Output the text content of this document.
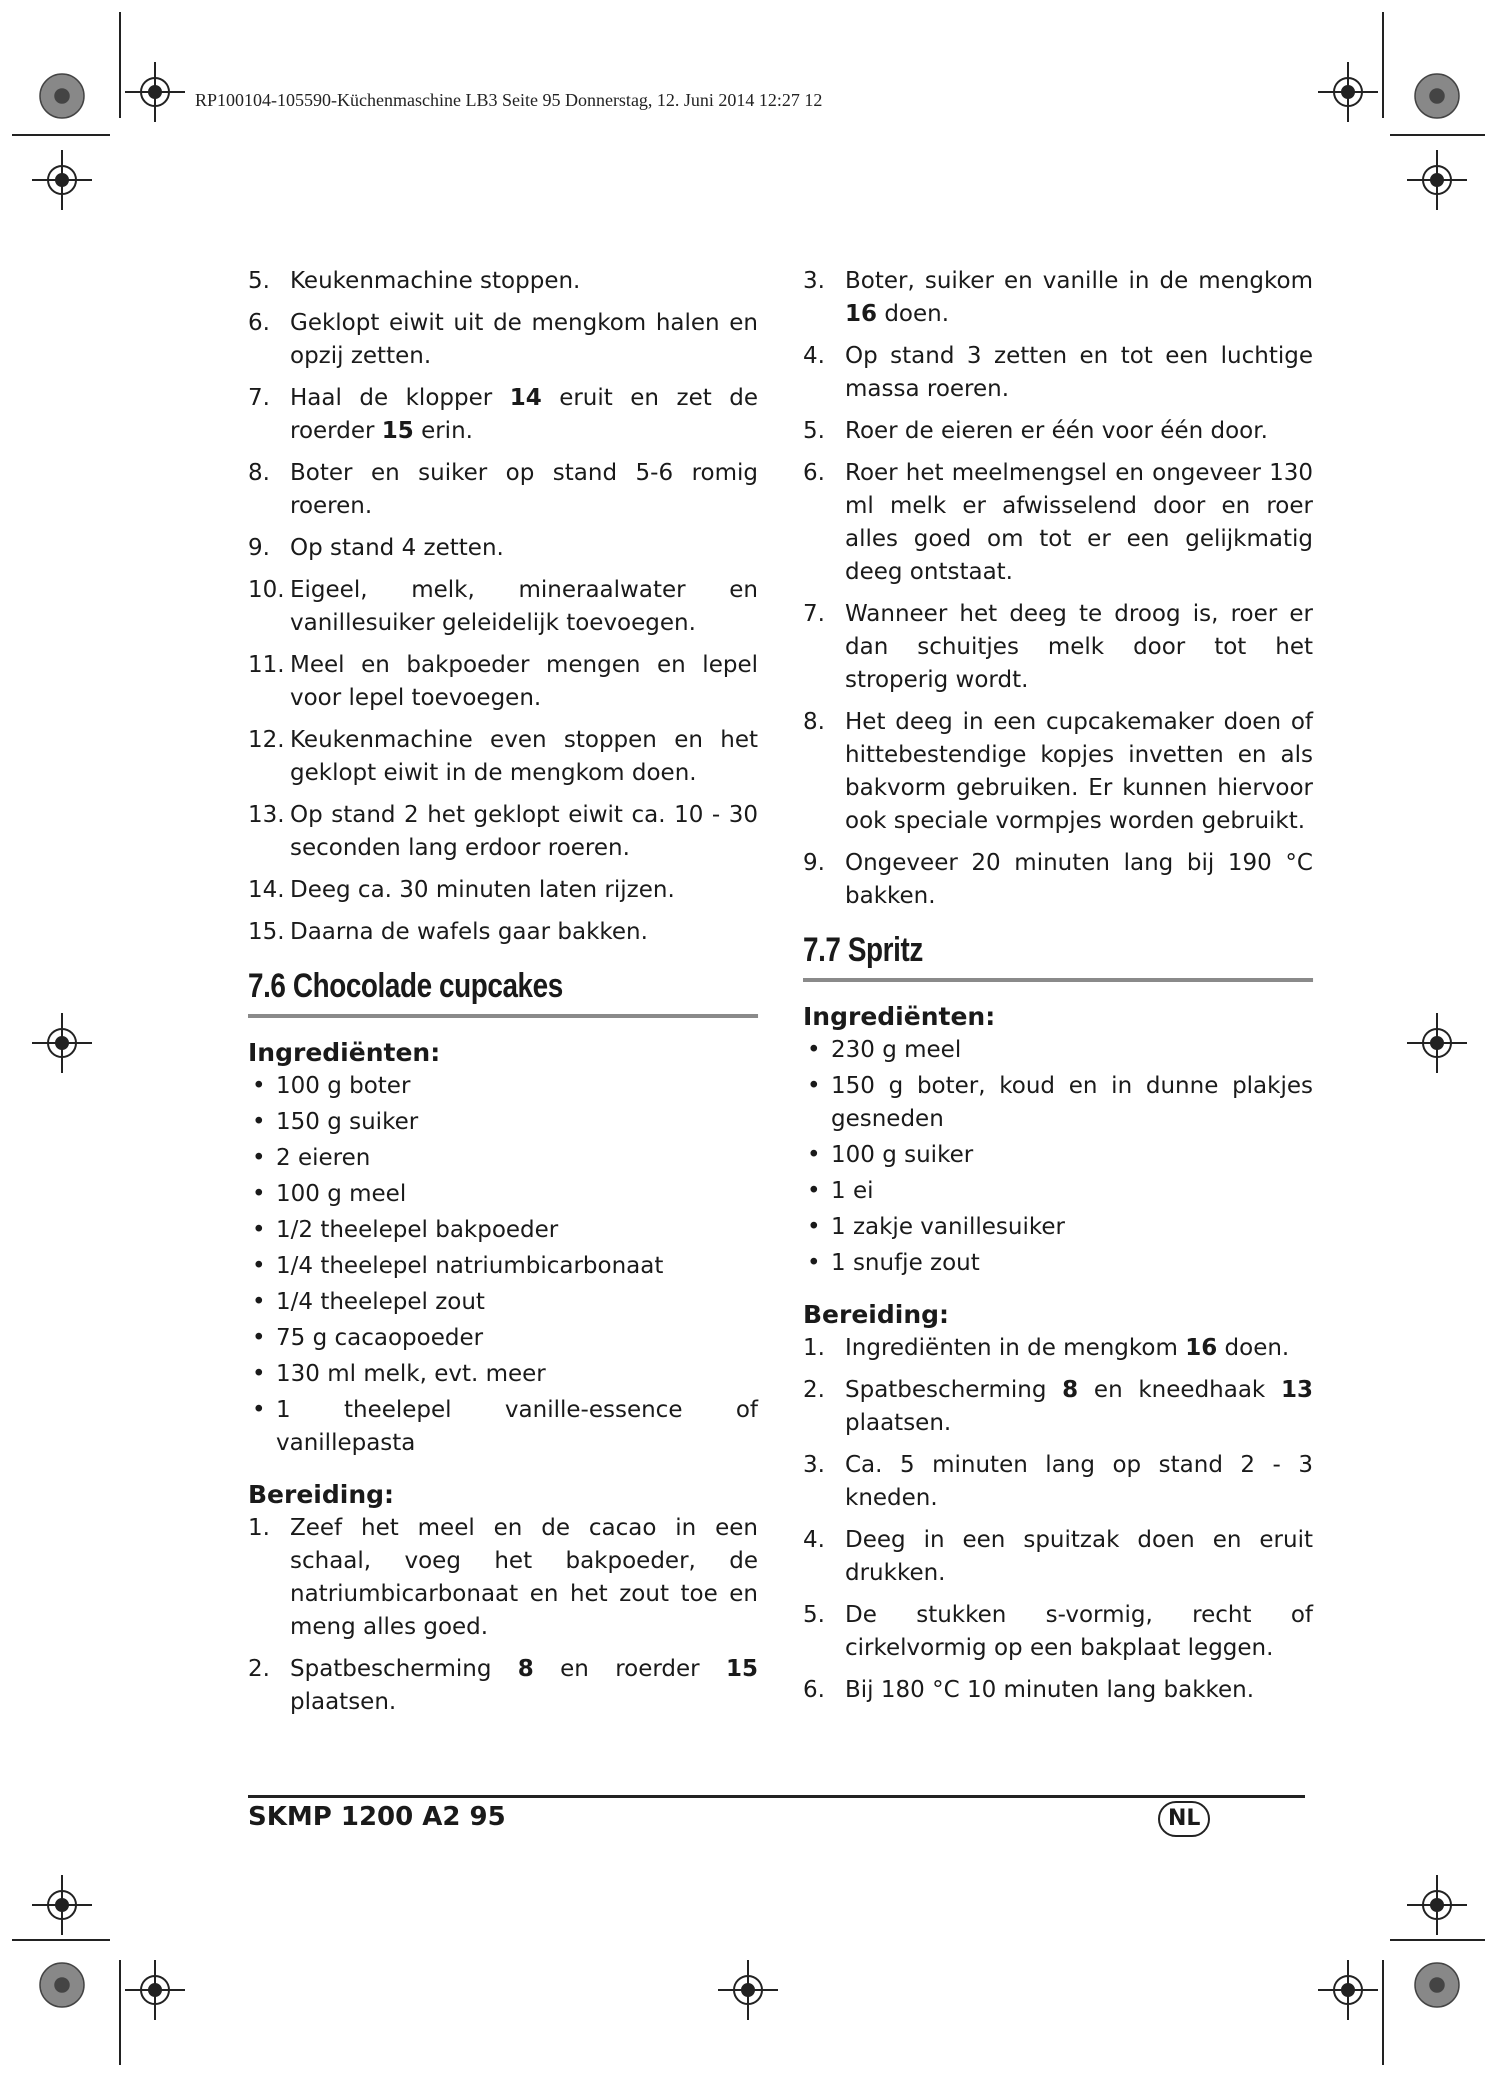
RP100104-105590-Küchenmaschine LB3 Seite 95 Donnerstag, 12. Juni 2014 12:27 12
5. Keukenmachine stoppen.
6. Geklopt eiwit uit de mengkom halen en opzij zetten.
7. Haal de klopper 14 eruit en zet de roerder 15 erin.
8. Boter en suiker op stand 5-6 romig roeren.
9. Op stand 4 zetten.
10. Eigeel, melk, mineraalwater en vanillesuiker geleidelijk toevoegen.
11. Meel en bakpoeder mengen en lepel voor lepel toevoegen.
12. Keukenmachine even stoppen en het geklopt eiwit in de mengkom doen.
13. Op stand 2 het geklopt eiwit ca. 10 - 30 seconden lang erdoor roeren.
14. Deeg ca. 30 minuten laten rijzen.
15. Daarna de wafels gaar bakken.
7.6 Chocolade cupcakes
Ingrediënten:
• 100 g boter
• 150 g suiker
• 2 eieren
• 100 g meel
• 1/2 theelepel bakpoeder
• 1/4 theelepel natriumbicarbonaat
• 1/4 theelepel zout
• 75 g cacaopoeder
• 130 ml melk, evt. meer
• 1 theelepel vanille-essence of vanillepasta
Bereiding:
1. Zeef het meel en de cacao in een schaal, voeg het bakpoeder, de natriumbicarbonaat en het zout toe en meng alles goed.
2. Spatbescherming 8 en roerder 15 plaatsen.
3. Boter, suiker en vanille in de mengkom 16 doen.
4. Op stand 3 zetten en tot een luchtige massa roeren.
5. Roer de eieren er één voor één door.
6. Roer het meelmengsel en ongeveer 130 ml melk er afwisselend door en roer alles goed om tot er een gelijkmatig deeg ontstaat.
7. Wanneer het deeg te droog is, roer er dan schuitjes melk door tot het stroperig wordt.
8. Het deeg in een cupcakemaker doen of hittebestendige kopjes invetten en als bakvorm gebruiken. Er kunnen hiervoor ook speciale vormpjes worden gebruikt.
9. Ongeveer 20 minuten lang bij 190 °C bakken.
7.7 Spritz
Ingrediënten:
• 230 g meel
• 150 g boter, koud en in dunne plakjes gesneden
• 100 g suiker
• 1 ei
• 1 zakje vanillesuiker
• 1 snufje zout
Bereiding:
1. Ingrediënten in de mengkom 16 doen.
2. Spatbescherming 8 en kneedhaak 13 plaatsen.
3. Ca. 5 minuten lang op stand 2 - 3 kneden.
4. Deeg in een spuitzak doen en eruit drukken.
5. De stukken s-vormig, recht of cirkelvormig op een bakplaat leggen.
6. Bij 180 °C 10 minuten lang bakken.
SKMP 1200 A2 95	NL
